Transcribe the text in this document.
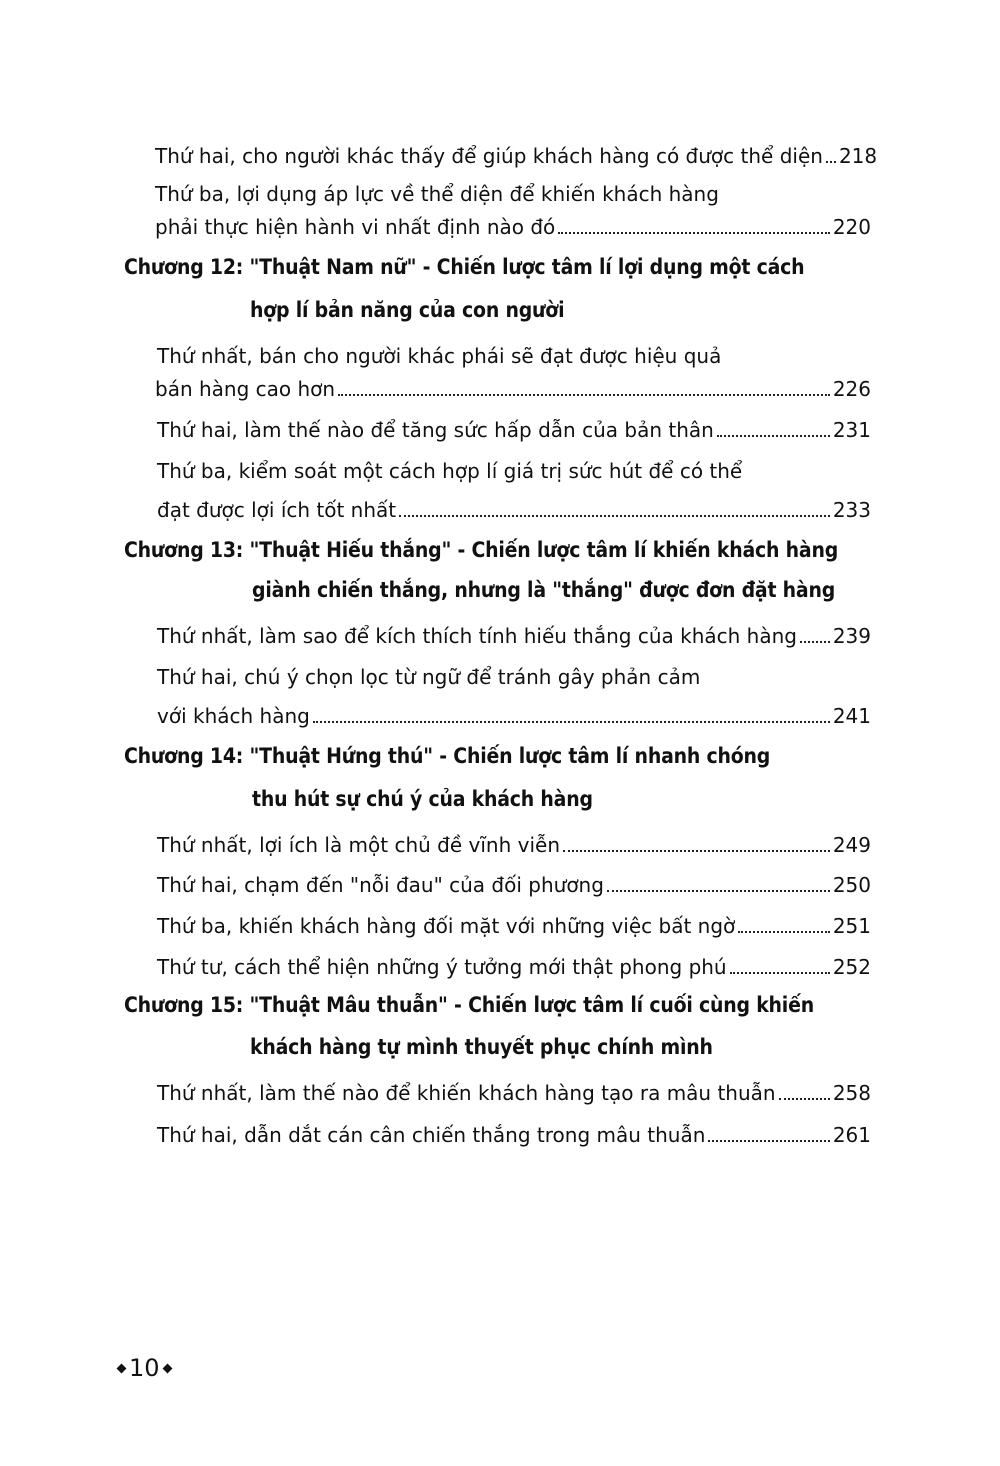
Thứ hai, cho người khác thấy để giúp khách hàng có được thể diện 218
Thứ ba, lợi dụng áp lực về thể diện để khiến khách hàng
phải thực hiện hành vi nhất định nào đó	220
Chương 12: "Thuật Nam nữ" - Chiến lược tâm lí lợi dụng một cách
hợp lí bản năng của con người
Thứ nhất, bán cho người khác phái sẽ đạt được hiệu quả
bán hàng cao hơn	226
Thứ hai, làm thế nào để tăng sức hấp dẫn của bản thân	231
Thứ ba, kiểm soát một cách hợp lí giá trị sức hút để có thể
đạt được lợi ích tốt nhất	233
Chương 13: "Thuật Hiếu thắng" - Chiến lược tâm lí khiến khách hàng
giành chiến thắng, nhưng là "thắng" được đơn đặt hàng
Thứ nhất, làm sao để kích thích tính hiếu thắng của khách hàng 239
Thứ hai, chú ý chọn lọc từ ngữ để tránh gây phản cảm
với khách hàng	241
Chương 14: "Thuật Hứng thú" - Chiến lược tâm lí nhanh chóng
thu hút sự chú ý của khách hàng
Thứ nhất, lợi ích là một chủ đề vĩnh viễn	249
Thứ hai, chạm đến "nỗi đau" của đối phương	250
Thứ ba, khiến khách hàng đối mặt với những việc bất ngờ	251
Thứ tư, cách thể hiện những ý tưởng mới thật phong phú	252
Chương 15: "Thuật Mâu thuẫn" - Chiến lược tâm lí cuối cùng khiến
khách hàng tự mình thuyết phục chính mình
Thứ nhất, làm thế nào để khiến khách hàng tạo ra mâu thuẫn	258
Thứ hai, dẫn dắt cán cân chiến thắng trong mâu thuẫn	261
10
